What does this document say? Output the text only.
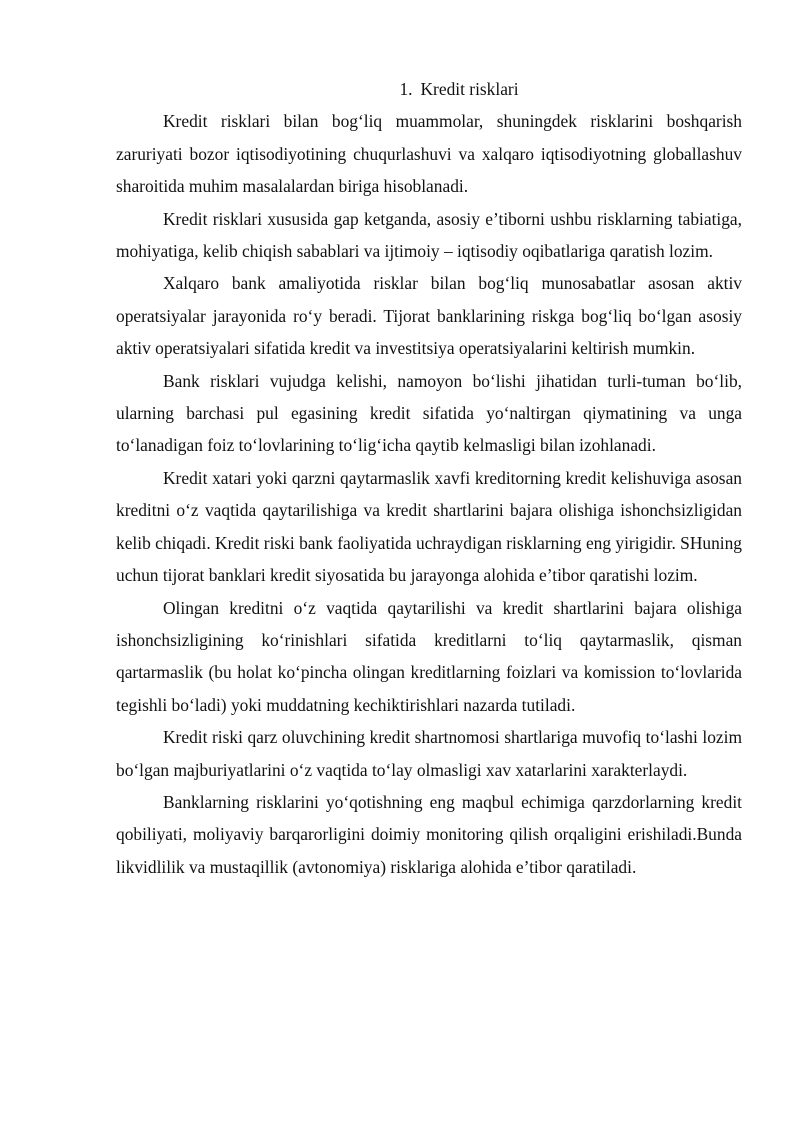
1. Kredit risklari

Kredit risklari bilan bog‘liq muammolar, shuningdek risklarini boshqarish zaruriyati bozor iqtisodiyotining chuqurlashuvi va xalqaro iqtisodiyotning globallashuv sharoitida muhim masalalardan biriga hisoblanadi.

Kredit risklari xususida gap ketganda, asosiy e’tiborni ushbu risklarning tabiatiga, mohiyatiga, kelib chiqish sabablari va ijtimoiy – iqtisodiy oqibatlariga qaratish lozim.

Xalqaro bank amaliyotida risklar bilan bog‘liq munosabatlar asosan aktiv operatsiyalar jarayonida ro‘y beradi. Tijorat banklarining riskga bog‘liq bo‘lgan asosiy aktiv operatsiyalari sifatida kredit va investitsiya operatsiyalarini keltirish mumkin.

Bank risklari vujudga kelishi, namoyon bo‘lishi jihatidan turli-tuman bo‘lib, ularning barchasi pul egasining kredit sifatida yo‘naltirgan qiymatining va unga to‘lanadigan foiz to‘lovlarining to‘lig‘icha qaytib kelmasligi bilan izohlanadi.

Kredit xatari yoki qarzni qaytarmaslik xavfi kreditorning kredit kelishuviga asosan kreditni o‘z vaqtida qaytarilishiga va kredit shartlarini bajara olishiga ishonchsizligidan kelib chiqadi. Kredit riski bank faoliyatida uchraydigan risklarning eng yirigidir. SHuning uchun tijorat banklari kredit siyosatida bu jarayonga alohida e’tibor qaratishi lozim.

Olingan kreditni o‘z vaqtida qaytarilishi va kredit shartlarini bajara olishiga ishonchsizligining ko‘rinishlari sifatida kreditlarni to‘liq qaytarmaslik, qisman qartarmaslik (bu holat ko‘pincha olingan kreditlarning foizlari va komission to‘lovlarida tegishli bo‘ladi) yoki muddatning kechiktirishlari nazarda tutiladi.

Kredit riski qarz oluvchining kredit shartnomosi shartlariga muvofiq to‘lashi lozim bo‘lgan majburiyatlarini o‘z vaqtida to‘lay olmasligi xav xatarlarini xarakterlaydi.

Banklarning risklarini yo‘qotishning eng maqbul echimiga qarzdorlarning kredit qobiliyati, moliyaviy barqarorligini doimiy monitoring qilish orqaligini erishiladi.Bunda likvidlilik va mustaqillik (avtonomiya) risklariga alohida e’tibor qaratiladi.
